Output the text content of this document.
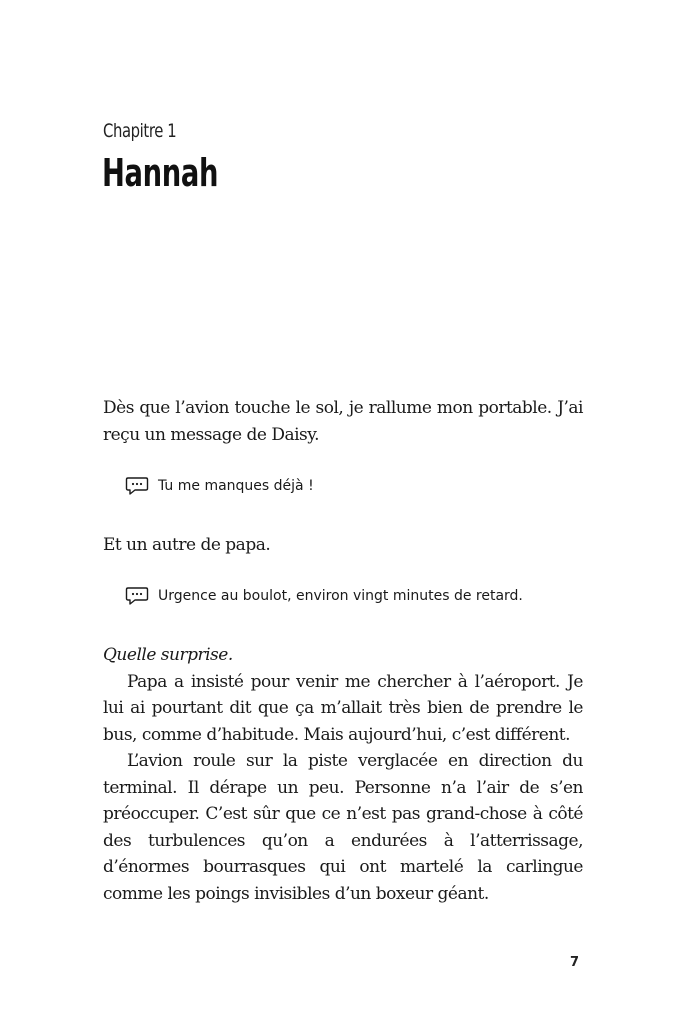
Chapitre 1
Hannah

Dès que l’avion touche le sol, je rallume mon portable. J’ai reçu un message de Daisy.

Tu me manques déjà !

Et un autre de papa.

Urgence au boulot, environ vingt minutes de retard.

Quelle surprise.

Papa a insisté pour venir me chercher à l’aéroport. Je lui ai pourtant dit que ça m’allait très bien de prendre le bus, comme d’habitude. Mais aujourd’hui, c’est différent.

L’avion roule sur la piste verglacée en direction du terminal. Il dérape un peu. Personne n’a l’air de s’en préoccuper. C’est sûr que ce n’est pas grand-chose à côté des turbulences qu’on a endurées à l’atterrissage, d’énormes bourrasques qui ont martelé la carlingue comme les poings invisibles d’un boxeur géant.

7
